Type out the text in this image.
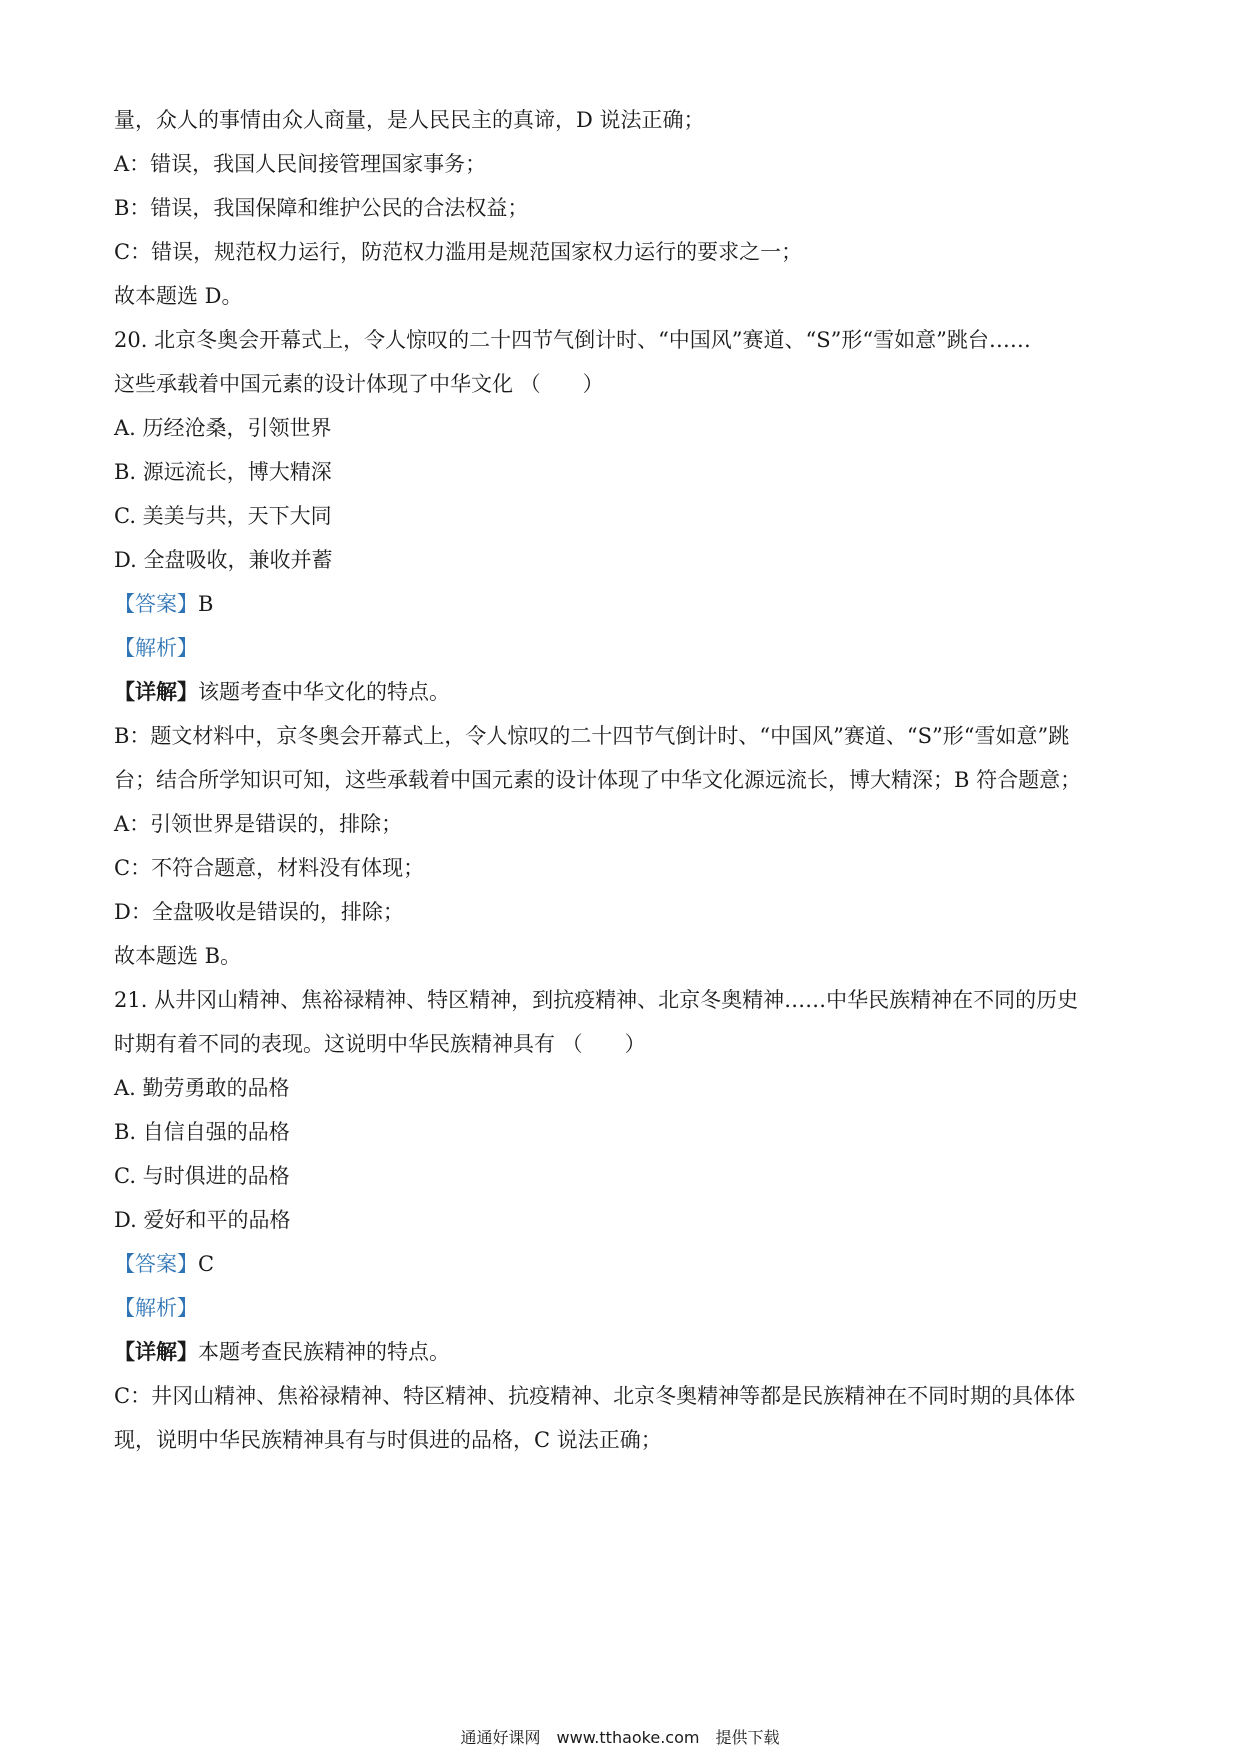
量，众人的事情由众人商量，是人民民主的真谛，D 说法正确；
A：错误，我国人民间接管理国家事务；
B：错误，我国保障和维护公民的合法权益；
C：错误，规范权力运行，防范权力滥用是规范国家权力运行的要求之一；
故本题选 D。
20. 北京冬奥会开幕式上，令人惊叹的二十四节气倒计时、“中国风”赛道、“S”形“雪如意”跳台……
这些承载着中国元素的设计体现了中华文化 （　　）
A. 历经沧桑，引领世界
B. 源远流长，博大精深
C. 美美与共，天下大同
D. 全盘吸收，兼收并蓄
【答案】B
【解析】
【详解】该题考查中华文化的特点。
B：题文材料中，京冬奥会开幕式上，令人惊叹的二十四节气倒计时、“中国风”赛道、“S”形“雪如意”跳
台；结合所学知识可知，这些承载着中国元素的设计体现了中华文化源远流长，博大精深；B 符合题意；
A：引领世界是错误的，排除；
C：不符合题意，材料没有体现；
D：全盘吸收是错误的，排除；
故本题选 B。
21. 从井冈山精神、焦裕禄精神、特区精神，到抗疫精神、北京冬奥精神……中华民族精神在不同的历史
时期有着不同的表现。这说明中华民族精神具有 （　　）
A. 勤劳勇敢的品格
B. 自信自强的品格
C. 与时俱进的品格
D. 爱好和平的品格
【答案】C
【解析】
【详解】本题考查民族精神的特点。
C：井冈山精神、焦裕禄精神、特区精神、抗疫精神、北京冬奥精神等都是民族精神在不同时期的具体体
现，说明中华民族精神具有与时俱进的品格，C 说法正确；
通通好课网　www.tthaoke.com　提供下载
